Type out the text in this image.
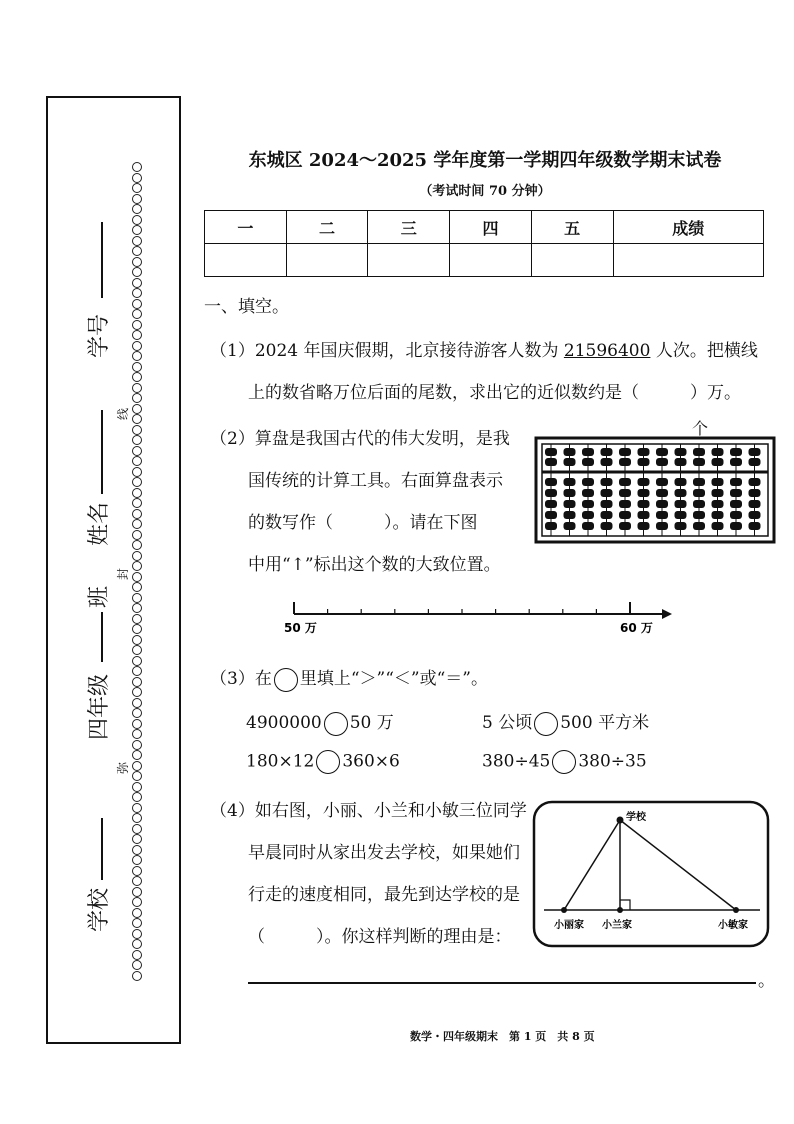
学校
四年级
班
姓名
学号
弥
封
线
东城区 2024～2025 学年度第一学期四年级数学期末试卷
（考试时间 70 分钟）
一	二	三	四	五	成绩

一、填空。
（1）2024 年国庆假期，北京接待游客人数为 21596400 人次。把横线
上的数省略万位后面的尾数，求出它的近似数约是（　　　）万。
（2）算盘是我国古代的伟大发明，是我
国传统的计算工具。右面算盘表示
的数写作（　　　）。请在下图
中用“↑”标出这个数的大致位置。
个
50 万	60 万
（3）在 里填上“＞”“＜”或“＝”。
4900000 50 万	5 公顷 500 平方米
180×12 360×6	380÷45 380÷35
（4）如右图，小丽、小兰和小敏三位同学
早晨同时从家出发去学校，如果她们
行走的速度相同，最先到达学校的是
（　　　）。你这样判断的理由是：
学校
小丽家 小兰家	小敏家
。
数学・四年级期末　第 1 页　共 8 页
